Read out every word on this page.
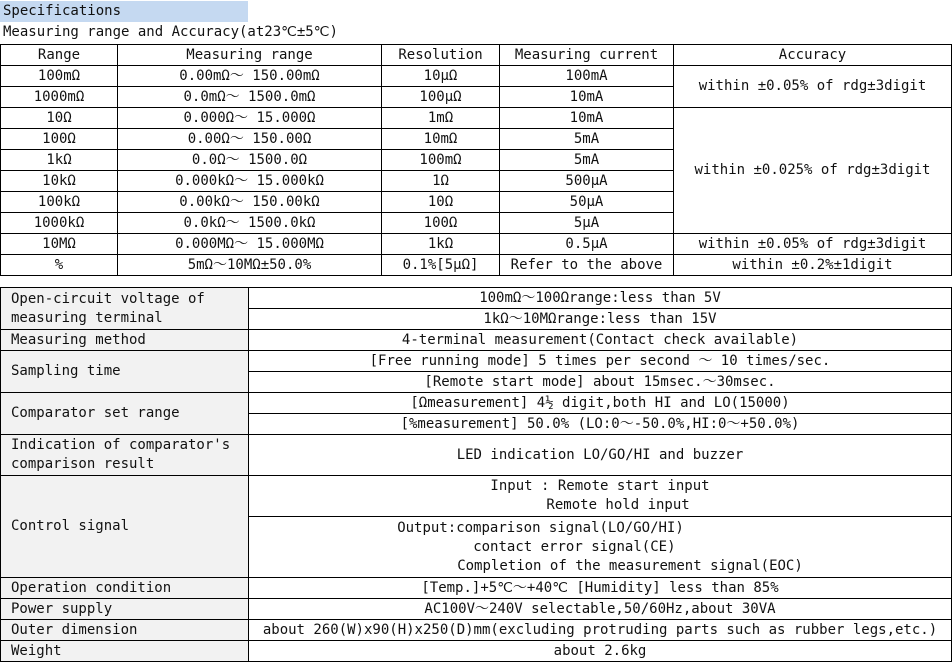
Specifications
Measuring range and Accuracy(at23℃±5℃)
Range	Measuring range	Resolution	Measuring current	Accuracy
100mΩ	0.00mΩ～ 150.00mΩ	10μΩ	100mA	within ±0.05% of rdg±3digit
1000mΩ	0.0mΩ～ 1500.0mΩ	100μΩ	10mA	
10Ω	0.000Ω～ 15.000Ω	1mΩ	10mA	within ±0.025% of rdg±3digit
100Ω	0.00Ω～ 150.00Ω	10mΩ	5mA	
1kΩ	0.0Ω～ 1500.0Ω	100mΩ	5mA	
10kΩ	0.000kΩ～ 15.000kΩ	1Ω	500μA	
100kΩ	0.00kΩ～ 150.00kΩ	10Ω	50μA	
1000kΩ	0.0kΩ～ 1500.0kΩ	100Ω	5μA	
10MΩ	0.000MΩ～ 15.000MΩ	1kΩ	0.5μA	within ±0.05% of rdg±3digit
%	5mΩ～10MΩ±50.0%	0.1%[5μΩ]	Refer to the above	within ±0.2%±1digit
Open-circuit voltage of measuring terminal	100mΩ～100Ωrange:less than 5V
	1kΩ～10MΩrange:less than 15V
Measuring method	4-terminal measurement(Contact check available)
Sampling time	[Free running mode] 5 times per second ～ 10 times/sec.
	[Remote start mode] about 15msec.～30msec.
Comparator set range	[Ωmeasurement] 4½ digit,both HI and LO(15000)
	[%measurement] 50.0% (LO:0～-50.0%,HI:0～+50.0%)
Indication of comparator's comparison result	LED indication LO/GO/HI and buzzer
Control signal	Input : Remote start input
Remote hold input

	Output:comparison signal(LO/GO/HI)
contact error signal(CE)
Completion of the measurement signal(EOC)

Operation condition	[Temp.]+5℃～+40℃ [Humidity] less than 85%
Power supply	AC100V～240V selectable,50/60Hz,about 30VA
Outer dimension	about 260(W)x90(H)x250(D)mm(excluding protruding parts such as rubber legs,etc.)
Weight	about 2.6kg
